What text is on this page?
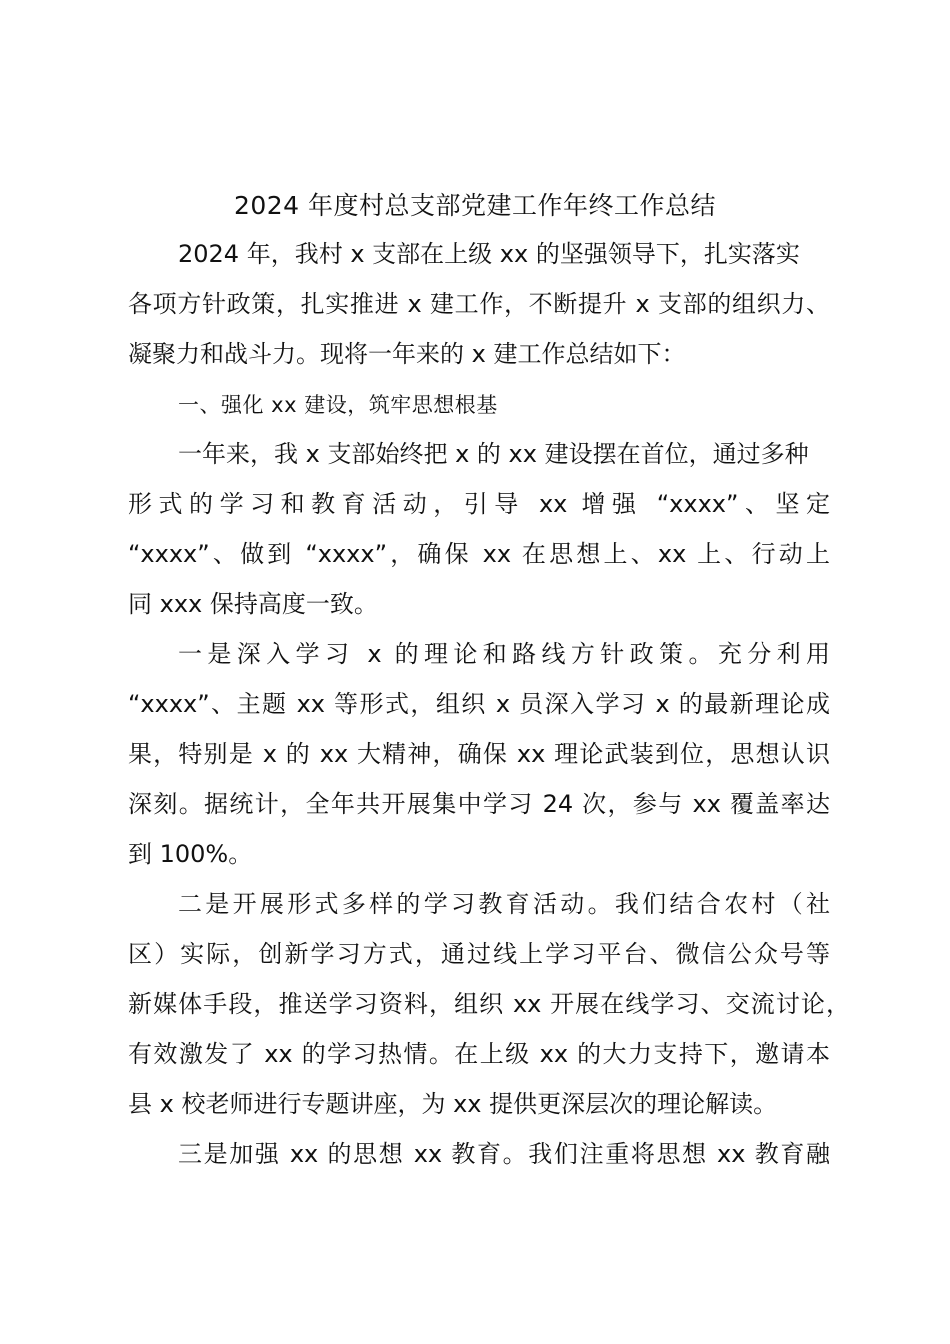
2024 年度村总支部党建工作年终工作总结
2024 年，我村 x 支部在上级 xx 的坚强领导下，扎实落实
各项方针政策，扎实推进 x 建工作，不断提升 x 支部的组织力、
凝聚力和战斗力。现将一年来的 x 建工作总结如下：
一、强化 xx 建设，筑牢思想根基
一年来，我 x 支部始终把 x 的 xx 建设摆在首位，通过多种
形式的学习和教育活动，引导 xx 增强 “xxxx”、坚定
“xxxx”、做到 “xxxx”，确保 xx 在思想上、xx 上、行动上
同 xxx 保持高度一致。
一是深入学习 x 的理论和路线方针政策。充分利用
“xxxx”、主题 xx 等形式，组织 x 员深入学习 x 的最新理论成
果，特别是 x 的 xx 大精神，确保 xx 理论武装到位，思想认识
深刻。据统计，全年共开展集中学习 24 次，参与 xx 覆盖率达
到 100%。
二是开展形式多样的学习教育活动。我们结合农村（社
区）实际，创新学习方式，通过线上学习平台、微信公众号等
新媒体手段，推送学习资料，组织 xx 开展在线学习、交流讨论，
有效激发了 xx 的学习热情。在上级 xx 的大力支持下，邀请本
县 x 校老师进行专题讲座，为 xx 提供更深层次的理论解读。
三是加强 xx 的思想 xx 教育。我们注重将思想 xx 教育融
